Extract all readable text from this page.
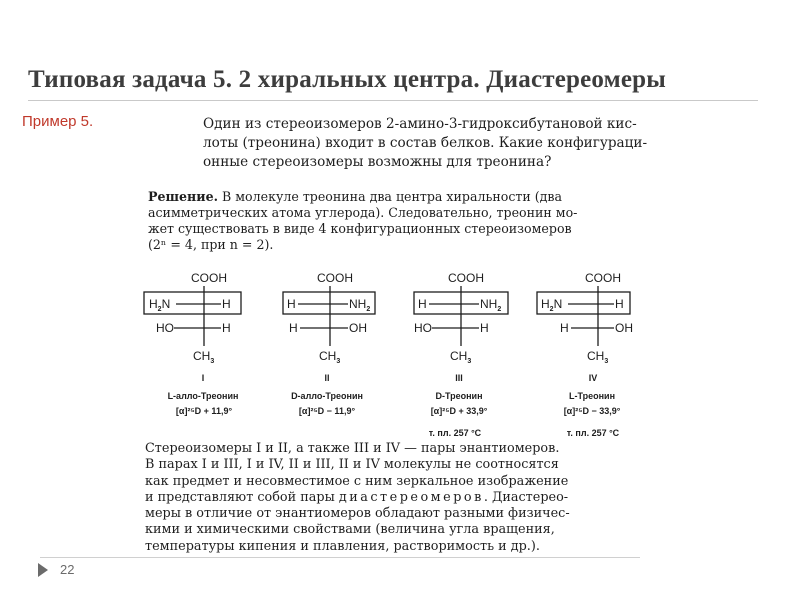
Типовая задача 5. 2 хиральных центра. Диастереомеры
Пример 5.	Один из стереоизомеров 2-амино-3-гидроксибутановой кис-
лоты (треонина) входит в состав белков. Какие конфигураци-
онные стереоизомеры возможны для треонина?
Решение. В молекуле треонина два центра хиральности (два
асимметрических атома углерода). Следовательно, треонин мо-
жет существовать в виде 4 конфигурационных стереоизомеров
(2ⁿ = 4, при n = 2).
COOH
$H_2N$	H
HO	H
$CH_3$
I
L-алло-Треонин
[α]²⁵D + 11,9°
COOH
H	$NH_2$
H	OH
$CH_3$
II
D-алло-Треонин
[α]²⁵D − 11,9°
COOH
H	$NH_2$
HO	H
$CH_3$
III
D-Треонин
[α]²⁵D + 33,9°
т. пл. 257 °C
COOH
$H_2N$	H
H	OH
$CH_3$
IV
L-Треонин
[α]²⁵D − 33,9°
т. пл. 257 °C
Стереоизомеры I и II, а также III и IV — пары энантиомеров.
В парах I и III, I и IV, II и III, II и IV молекулы не соотносятся
как предмет и несовместимое с ним зеркальное изображение
и представляют собой пары диастереомеров. Диастерео-
меры в отличие от энантиомеров обладают разными физичес-
кими и химическими свойствами (величина угла вращения,
температуры кипения и плавления, растворимость и др.).
22
